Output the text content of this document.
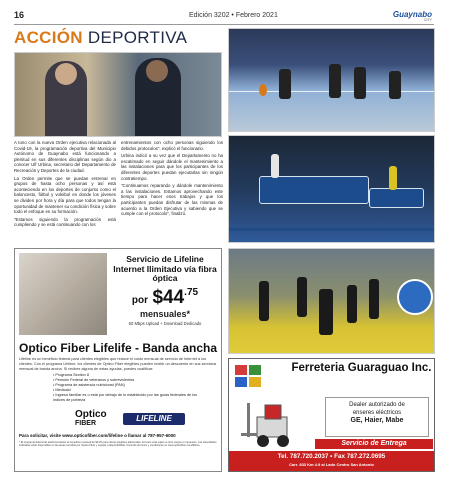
16	Edición 3202 • Febrero 2021	Guaynabo
CITY
ACCIÓN DEPORTIVA

A tono con la nueva Orden ejecutiva relacionada al Covid-19, la programación deportiva del Municipio Autónomo de Guaynabo está funcionando a plenitud en sus diferentes disciplinas según dio a conocer Ulf Urbina, secretario del Departamento de Recreación y Deportes de la ciudad.

La Orden permite que se puedan entrenar en grupos de hasta ocho personas y así está aconteciendo en los deportes de conjunto como el baloncesto, fútbol y voleibol en donde los jóvenes se dividen por hora y día para que todos tengan la oportunidad de mantener su condición física y sobre todo el enfoque en su formación.

"Estamos siguiendo la programación está cumpliendo y se está continuando con los

entrenamientos con ocho personas siguiendo los debidos protocolos", explicó el funcionario.

Urbina indicó a su vez que el Departamento no ha escatimado en seguir dándole el mantenimiento a las instalaciones para que los participantes de los diferentes deportes puedan ejecutarlas sin ningún contratiempo.

"Continuamos reparando y dándole mantenimiento a las instalaciones. Estamos aprovechando este tiempo para hacer esos trabajos y que los participantes puedan disfrutar de las mismas de acuerdo a la Orden Ejecutiva y sabiendo que se cumple con el protocolo", finalizó.

Servicio de Lifeline Internet Ilimitado vía fibra óptica
por $\$44^{.75}$
mensuales*
50 Mbps Upload + Download Dedicado
Optico Fiber Lifelife - Banda ancha
Lifeline es un beneficio federal para clientes elegibles que reduce el costo mensual de servicio de Internet a los clientes. Con el programa Lifeline, los clientes de Optico Fiber elegibles pueden recibir un descuento en sus servicios mensual de banda ancha. Si recibes alguna de estas ayudas, puedes cualificar:
• Programa Section 8
• Pensión Federal de veteranos y sobrevivientes
• Programa de asistencia nutricional (PAN)
• Medicaid
• Ingreso familiar es o está por debajo de lo establecido por las guías federales de los índices de pobreza
Optico
FIBER
LIFELINE
Para solicitar, visite www.opticofiber.com/lifeline o llamar al 787-957-6000
* El programa federal de telefonía básica se beneficia mensual de $9.25 para cliente elegibles adicionales. El costo está sujeto a otros cargos e impuestos. Las velocidades indicadas están disponibles en las áreas servidas por Optico Fiber y sujetas a disponibilidad. Consulte términos y condiciones en www.opticofiber.com/lifeline.
Ferreteria Guaraguao Inc.
Dealer autorizado de
enseres eléctricos
GE, Haier, Mabe
Servicio de Entrega
Tel. 787.720.2037 • Fax 787.272.0695
Carr. 833 Km 4.9 al Lado Centro San Antonio
